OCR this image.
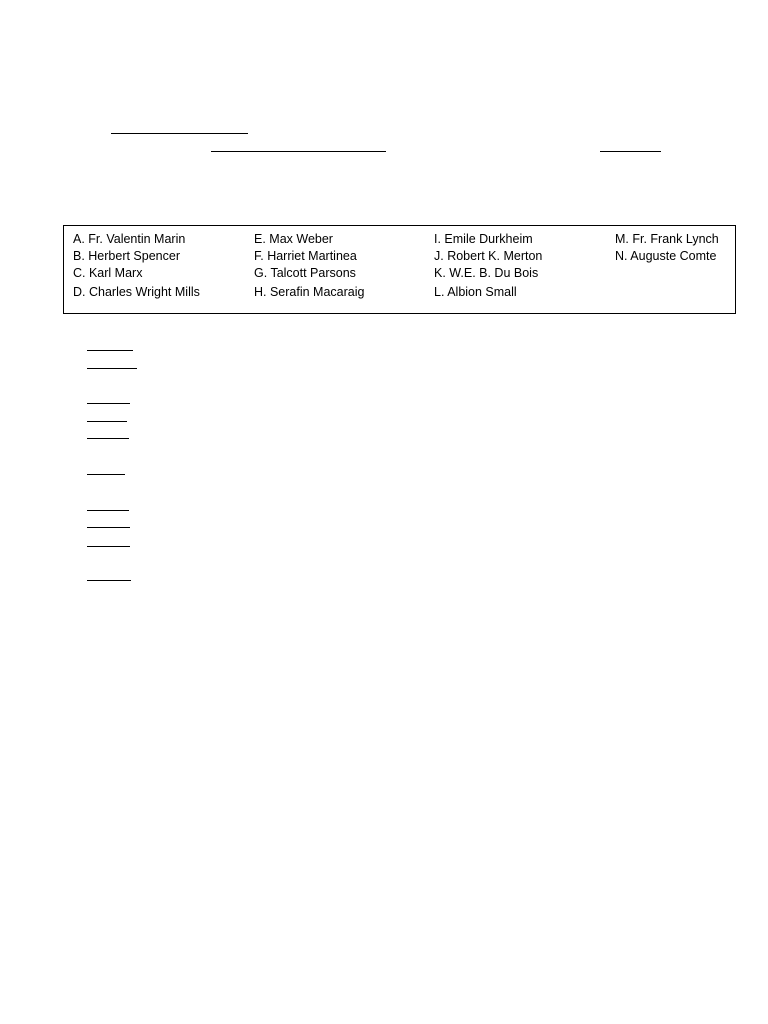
A. Fr. Valentin Marin
B. Herbert Spencer
C. Karl Marx
D. Charles Wright Mills
E. Max Weber
F. Harriet Martinea
G. Talcott Parsons
H. Serafin Macaraig
I. Emile Durkheim
J. Robert K. Merton
K. W.E. B. Du Bois
L. Albion Small
M. Fr. Frank Lynch
N. Auguste Comte
